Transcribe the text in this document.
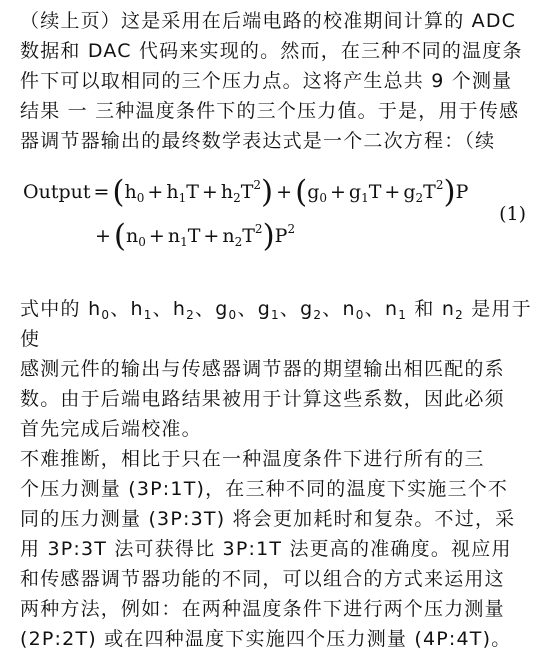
（续上页）这是采用在后端电路的校准期间计算的 ADC

数据和 DAC 代码来实现的。然而，在三种不同的温度条

件下可以取相同的三个压力点。这将产生总共 9 个测量

结果 一 三种温度条件下的三个压力值。于是，用于传感

器调节器输出的最终数学表达式是一个二次方程：（续

Output $=(h_0 + h_1T + h_2T^2) +(g_0 + g_1T + g_2T^2)P$
$+(n_0 + n_1T + n_2T^2)P^2$
(1)

式中的 $h_0$、$h_1$、$h_2$、$g_0$、$g_1$、$g_2$、$n_0$、$n_1$ 和 $n_2$ 是用于使

感测元件的输出与传感器调节器的期望输出相匹配的系

数。由于后端电路结果被用于计算这些系数，因此必须

首先完成后端校准。

不难推断，相比于只在一种温度条件下进行所有的三

个压力测量 (3P:1T)，在三种不同的温度下实施三个不

同的压力测量 (3P:3T) 将会更加耗时和复杂。不过，采

用 3P:3T 法可获得比 3P:1T 法更高的准确度。视应用

和传感器调节器功能的不同，可以组合的方式来运用这

两种方法，例如：在两种温度条件下进行两个压力测量

(2P:2T) 或在四种温度下实施四个压力测量 (4P:4T)。
